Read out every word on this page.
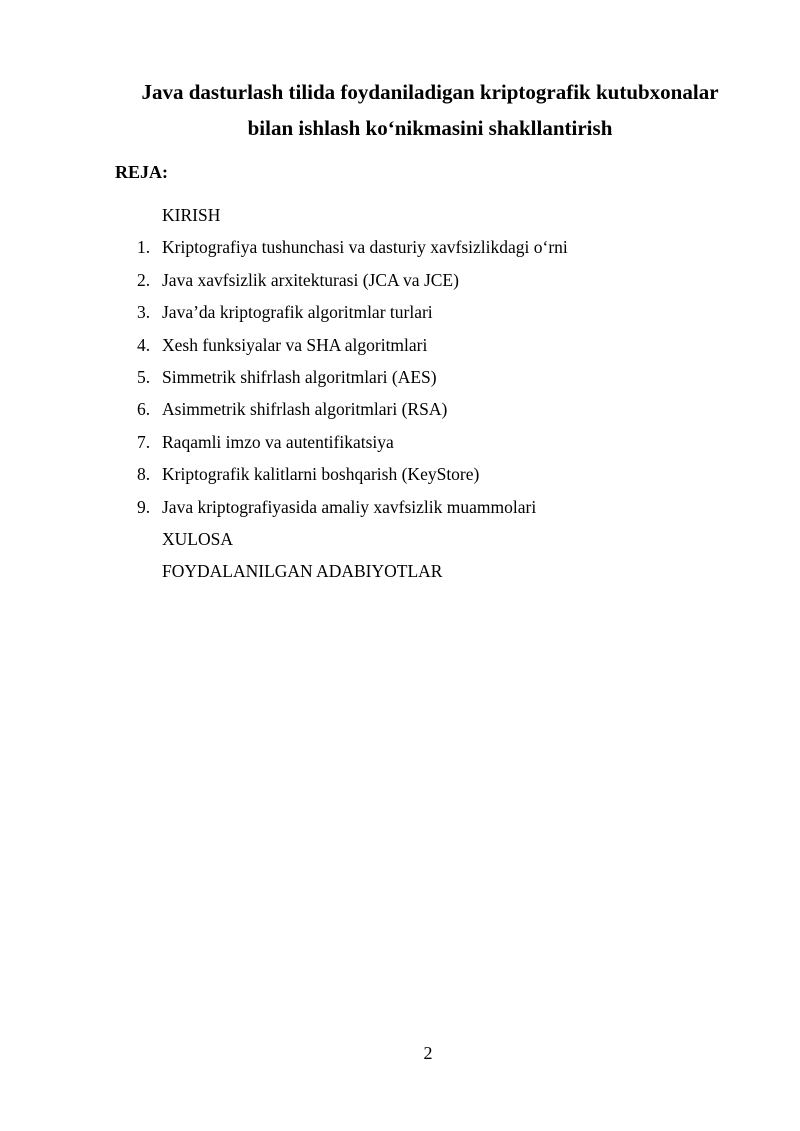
Java dasturlash tilida foydaniladigan kriptografik kutubxonalar
bilan ishlash ko‘nikmasini shakllantirish

REJA:

KIRISH
1. Kriptografiya tushunchasi va dasturiy xavfsizlikdagi o‘rni
2. Java xavfsizlik arxitekturasi (JCA va JCE)
3. Java’da kriptografik algoritmlar turlari
4. Xesh funksiyalar va SHA algoritmlari
5. Simmetrik shifrlash algoritmlari (AES)
6. Asimmetrik shifrlash algoritmlari (RSA)
7. Raqamli imzo va autentifikatsiya
8. Kriptografik kalitlarni boshqarish (KeyStore)
9. Java kriptografiyasida amaliy xavfsizlik muammolari
XULOSA
FOYDALANILGAN ADABIYOTLAR
2
